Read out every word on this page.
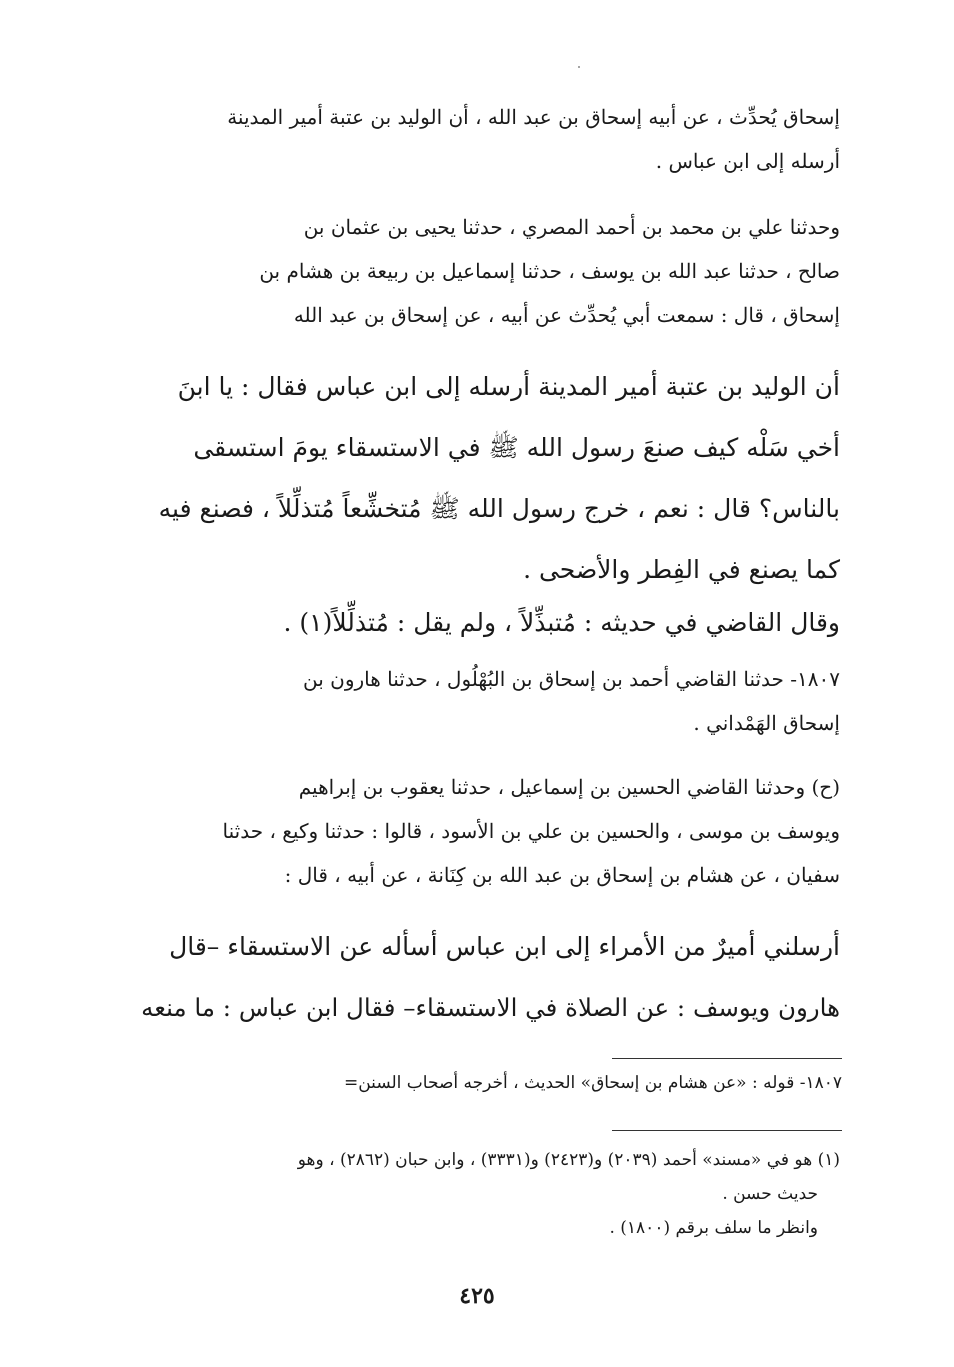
إسحاق يُحدِّث ، عن أبيه إسحاق بن عبد الله ، أن الوليد بن عتبة أمير المدينة
أرسله إلى ابن عباس .
وحدثنا علي بن محمد بن أحمد المصري ، حدثنا يحيى بن عثمان بن
صالح ، حدثنا عبد الله بن يوسف ، حدثنا إسماعيل بن ربيعة بن هشام بن
إسحاق ، قال : سمعت أبي يُحدِّث عن أبيه ، عن إسحاق بن عبد الله
أن الوليد بن عتبة أمير المدينة أرسله إلى ابن عباس فقال : يا ابنَ
أخي سَلْه كيف صنعَ رسول الله ﷺ في الاستسقاء يومَ استسقى
بالناس؟ قال : نعم ، خرج رسول الله ﷺ مُتخشِّعاً مُتذلِّلاً ، فصنع فيه
كما يصنع في الفِطر والأضحى .
وقال القاضي في حديثه : مُتبذِّلاً ، ولم يقل : مُتذلِّلاً(١) .
١٨٠٧- حدثنا القاضي أحمد بن إسحاق بن البُهْلُول ، حدثنا هارون بن
إسحاق الهَمْداني .
(ح) وحدثنا القاضي الحسين بن إسماعيل ، حدثنا يعقوب بن إبراهيم
ويوسف بن موسى ، والحسين بن علي بن الأسود ، قالوا : حدثنا وكيع ، حدثنا
سفيان ، عن هشام بن إسحاق بن عبد الله بن كِنَانة ، عن أبيه ، قال :
أرسلني أميرٌ من الأمراء إلى ابن عباس أسأله عن الاستسقاء –قال
هارون ويوسف : عن الصلاة في الاستسقاء– فقال ابن عباس : ما منعه
١٨٠٧- قوله : «عن هشام بن إسحاق» الحديث ، أخرجه أصحاب السنن=
(١) هو في «مسند» أحمد (٢٠٣٩) و(٢٤٢٣) و(٣٣٣١) ، وابن حبان (٢٨٦٢) ، وهو
حديث حسن .
وانظر ما سلف برقم (١٨٠٠) .
٤٢٥
